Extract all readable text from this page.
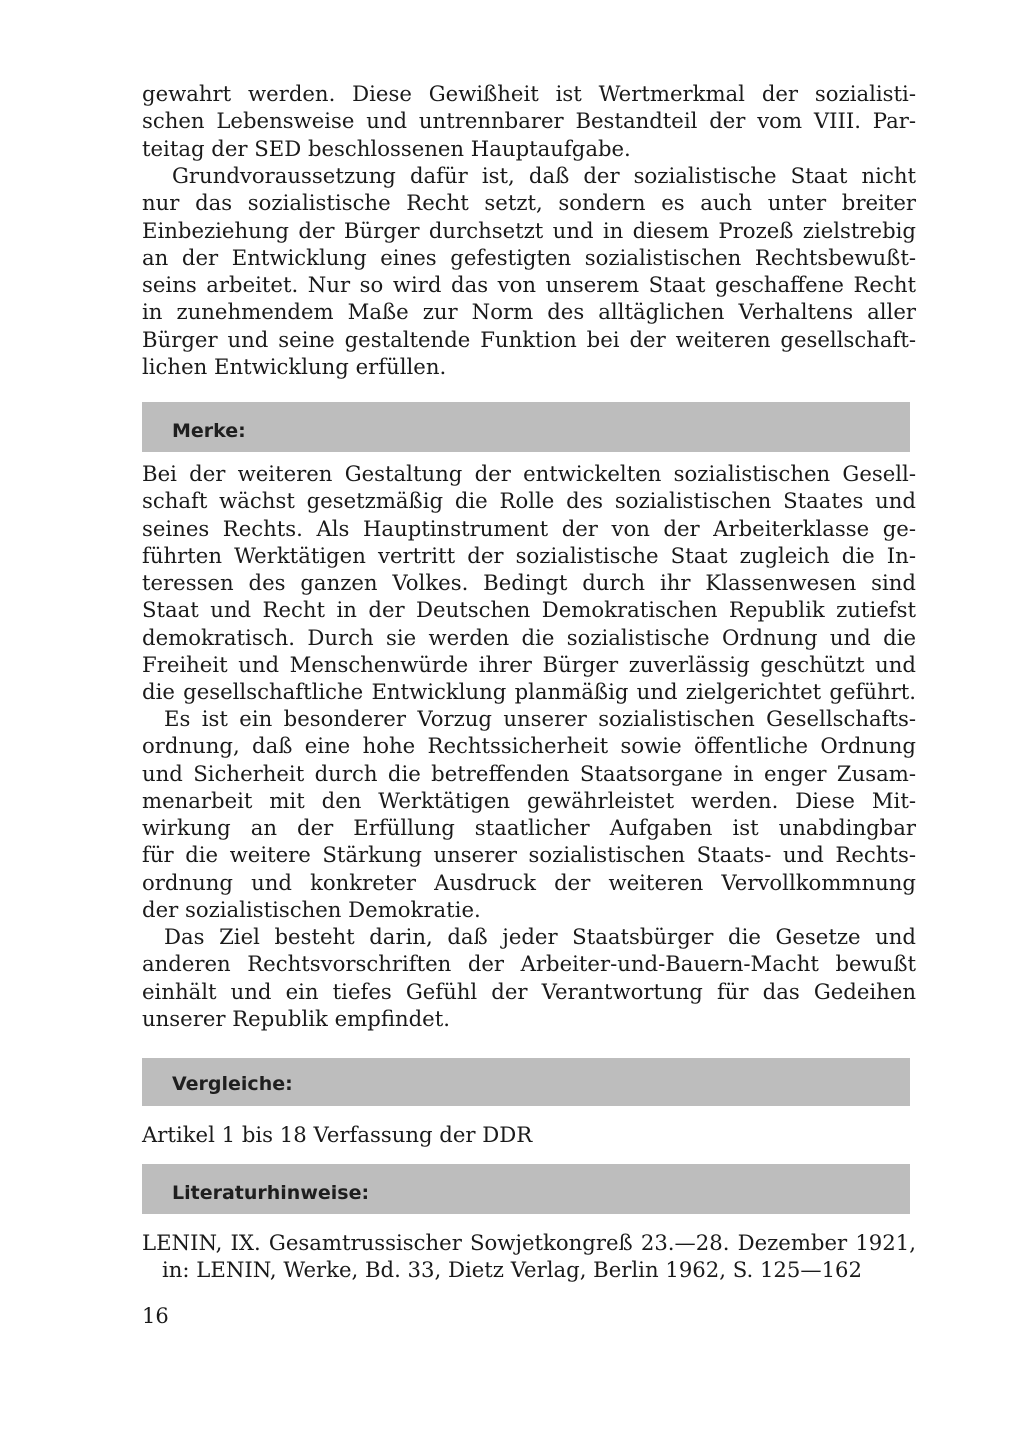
gewahrt werden. Diese Gewißheit ist Wertmerkmal der sozialisti-
schen Lebensweise und untrennbarer Bestandteil der vom VIII. Par-
teitag der SED beschlossenen Hauptaufgabe.
Grundvoraussetzung dafür ist, daß der sozialistische Staat nicht
nur das sozialistische Recht setzt, sondern es auch unter breiter
Einbeziehung der Bürger durchsetzt und in diesem Prozeß zielstrebig
an der Entwicklung eines gefestigten sozialistischen Rechtsbewußt-
seins arbeitet. Nur so wird das von unserem Staat geschaffene Recht
in zunehmendem Maße zur Norm des alltäglichen Verhaltens aller
Bürger und seine gestaltende Funktion bei der weiteren gesellschaft-
lichen Entwicklung erfüllen.
Merke:
Bei der weiteren Gestaltung der entwickelten sozialistischen Gesell-
schaft wächst gesetzmäßig die Rolle des sozialistischen Staates und
seines Rechts. Als Hauptinstrument der von der Arbeiterklasse ge-
führten Werktätigen vertritt der sozialistische Staat zugleich die In-
teressen des ganzen Volkes. Bedingt durch ihr Klassenwesen sind
Staat und Recht in der Deutschen Demokratischen Republik zutiefst
demokratisch. Durch sie werden die sozialistische Ordnung und die
Freiheit und Menschenwürde ihrer Bürger zuverlässig geschützt und
die gesellschaftliche Entwicklung planmäßig und zielgerichtet geführt.
Es ist ein besonderer Vorzug unserer sozialistischen Gesellschafts-
ordnung, daß eine hohe Rechtssicherheit sowie öffentliche Ordnung
und Sicherheit durch die betreffenden Staatsorgane in enger Zusam-
menarbeit mit den Werktätigen gewährleistet werden. Diese Mit-
wirkung an der Erfüllung staatlicher Aufgaben ist unabdingbar
für die weitere Stärkung unserer sozialistischen Staats- und Rechts-
ordnung und konkreter Ausdruck der weiteren Vervollkommnung
der sozialistischen Demokratie.
Das Ziel besteht darin, daß jeder Staatsbürger die Gesetze und
anderen Rechtsvorschriften der Arbeiter-und-Bauern-Macht bewußt
einhält und ein tiefes Gefühl der Verantwortung für das Gedeihen
unserer Republik empfindet.
Vergleiche:
Artikel 1 bis 18 Verfassung der DDR
Literaturhinweise:
LENIN, IX. Gesamtrussischer Sowjetkongreß 23.—28. Dezember 1921,
in: LENIN, Werke, Bd. 33, Dietz Verlag, Berlin 1962, S. 125—162
16
